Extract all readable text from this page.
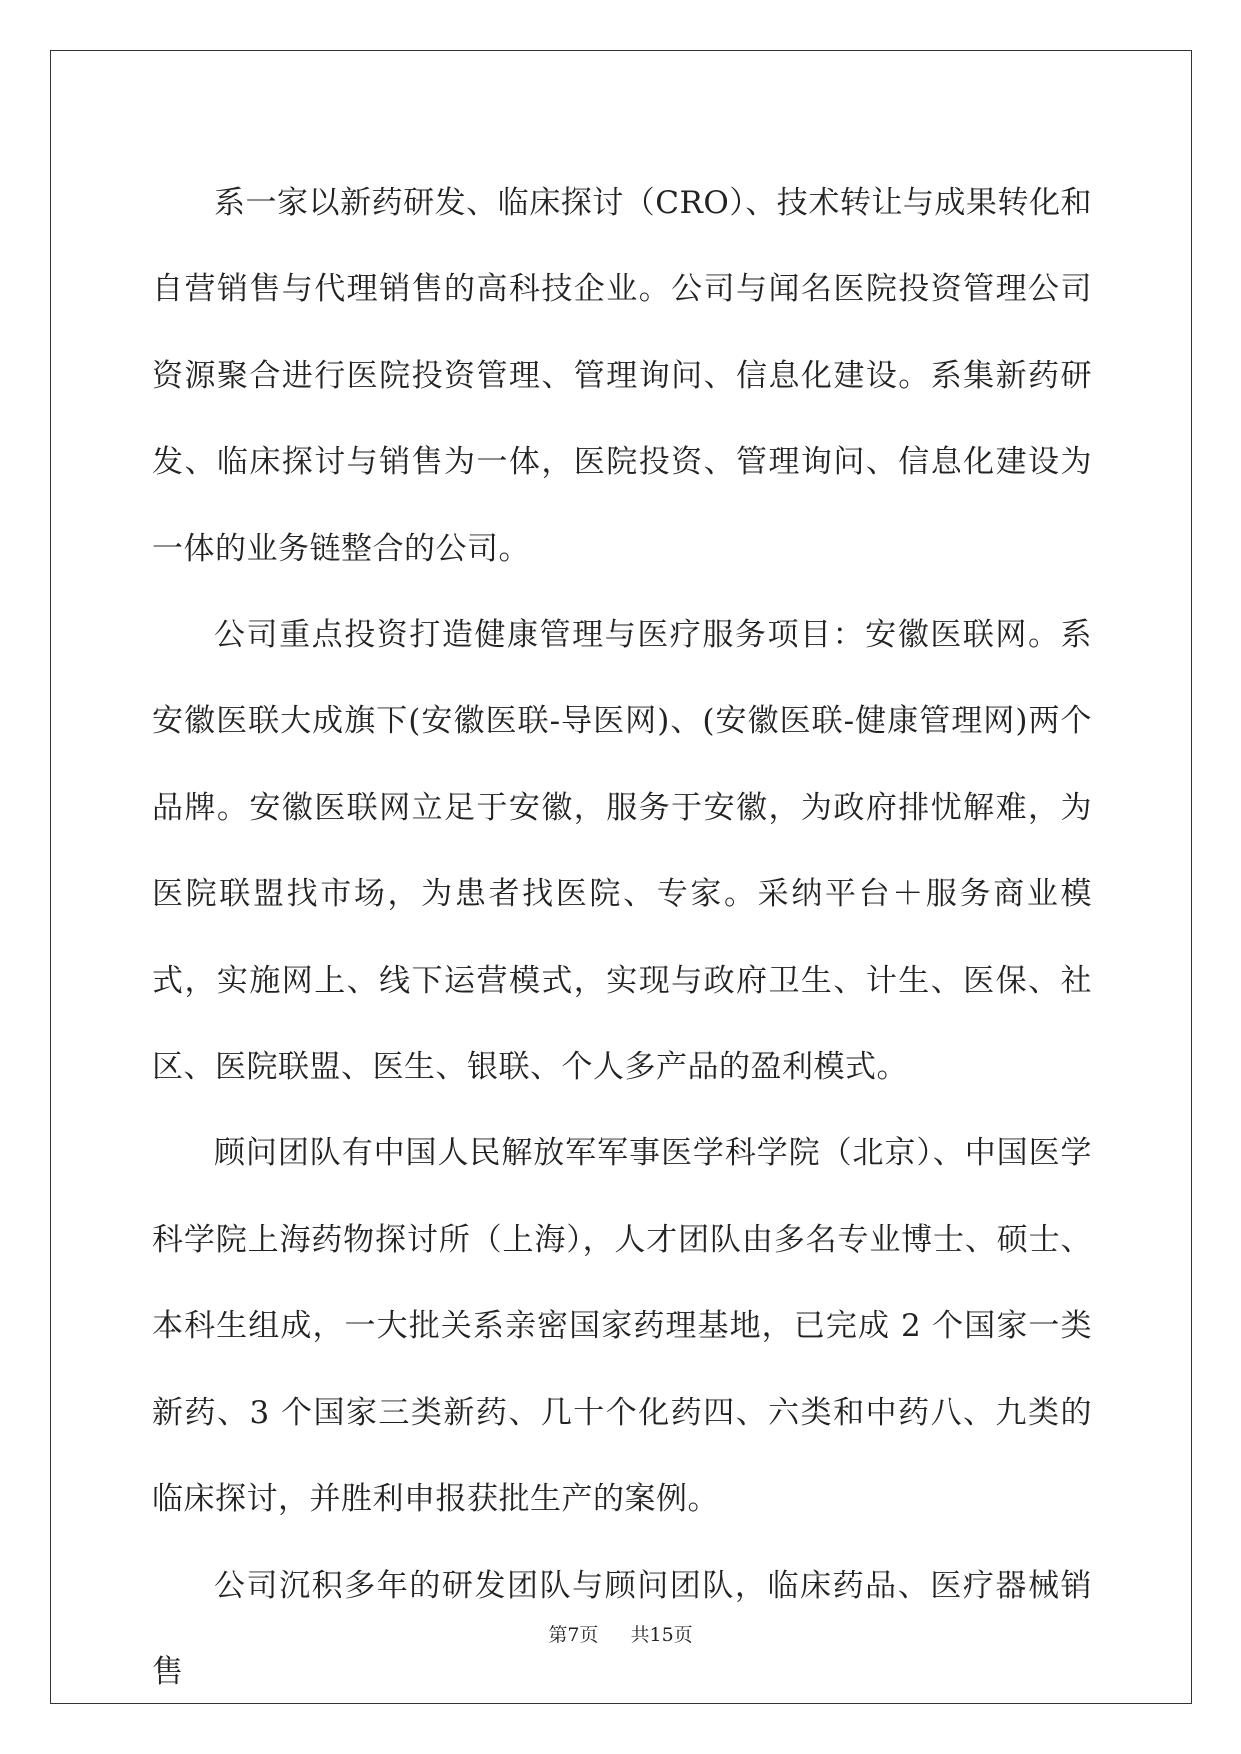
系一家以新药研发、临床探讨（CRO）、技术转让与成果转化和自营销售与代理销售的高科技企业。公司与闻名医院投资管理公司资源聚合进行医院投资管理、管理询问、信息化建设。系集新药研发、临床探讨与销售为一体，医院投资、管理询问、信息化建设为一体的业务链整合的公司。

公司重点投资打造健康管理与医疗服务项目：安徽医联网。系安徽医联大成旗下(安徽医联-导医网)、(安徽医联-健康管理网)两个品牌。安徽医联网立足于安徽，服务于安徽，为政府排忧解难，为医院联盟找市场，为患者找医院、专家。采纳平台＋服务商业模式，实施网上、线下运营模式，实现与政府卫生、计生、医保、社区、医院联盟、医生、银联、个人多产品的盈利模式。

顾问团队有中国人民解放军军事医学科学院（北京）、中国医学科学院上海药物探讨所（上海），人才团队由多名专业博士、硕士、本科生组成，一大批关系亲密国家药理基地，已完成 2 个国家一类新药、3 个国家三类新药、几十个化药四、六类和中药八、九类的临床探讨，并胜利申报获批生产的案例。

公司沉积多年的研发团队与顾问团队，临床药品、医疗器械销售

第7页 共15页
